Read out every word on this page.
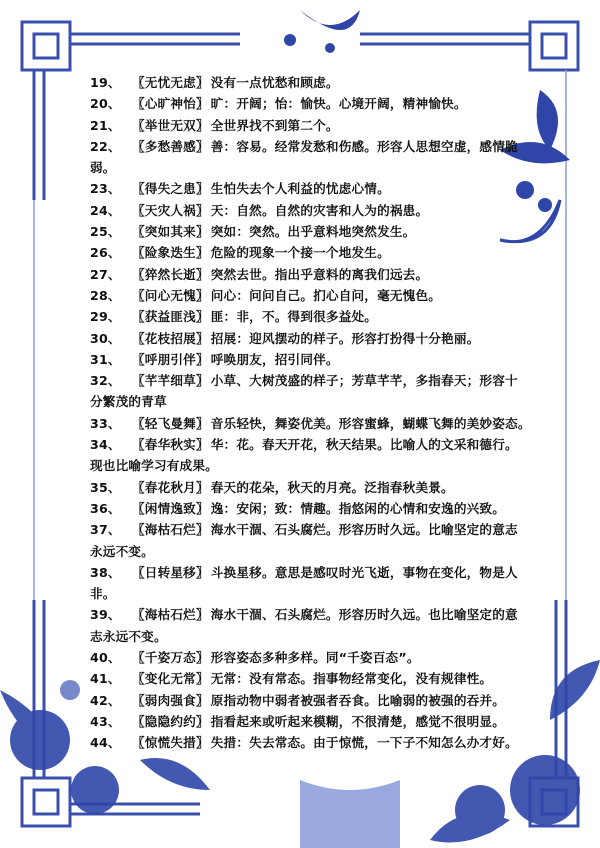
19、 〖无忧无虑〗 没有一点忧愁和顾虑。
20、 〖心旷神怡〗 旷：开阔；怡：愉快。心境开阔，精神愉快。
21、 〖举世无双〗 全世界找不到第二个。
22、 〖多愁善感〗 善：容易。经常发愁和伤感。形容人思想空虚，感情脆
弱。
23、 〖得失之患〗 生怕失去个人利益的忧虑心情。
24、 〖天灾人祸〗 天：自然。自然的灾害和人为的祸患。
25、 〖突如其来〗 突如：突然。出乎意料地突然发生。
26、 〖险象迭生〗 危险的现象一个接一个地发生。
27、 〖猝然长逝〗 突然去世。指出乎意料的离我们远去。
28、 〖问心无愧〗 问心：问问自己。扪心自问，毫无愧色。
29、 〖获益匪浅〗 匪：非，不。得到很多益处。
30、 〖花枝招展〗 招展：迎风摆动的样子。形容打扮得十分艳丽。
31、 〖呼朋引伴〗 呼唤朋友，招引同伴。
32、 〖芊芊细草〗 小草、大树茂盛的样子；芳草芊芊，多指春天；形容十
分繁茂的青草
33、 〖轻飞曼舞〗 音乐轻快，舞姿优美。形容蜜蜂，蝴蝶飞舞的美妙姿态。
34、 〖春华秋实〗 华：花。春天开花，秋天结果。比喻人的文采和德行。
现也比喻学习有成果。
35、 〖春花秋月〗 春天的花朵，秋天的月亮。泛指春秋美景。
36、 〖闲情逸致〗 逸：安闲；致：情趣。指悠闲的心情和安逸的兴致。
37、 〖海枯石烂〗 海水干涸、石头腐烂。形容历时久远。比喻坚定的意志
永远不变。
38、 〖日转星移〗 斗换星移。意思是感叹时光飞逝，事物在变化，物是人
非。
39、 〖海枯石烂〗 海水干涸、石头腐烂。形容历时久远。也比喻坚定的意
志永远不变。
40、 〖千姿万态〗 形容姿态多种多样。同“千姿百态”。
41、 〖变化无常〗 无常：没有常态。指事物经常变化，没有规律性。
42、 〖弱肉强食〗 原指动物中弱者被强者吞食。比喻弱的被强的吞并。
43、 〖隐隐约约〗 指看起来或听起来模糊，不很清楚，感觉不很明显。
44、 〖惊慌失措〗 失措：失去常态。由于惊慌，一下子不知怎么办才好。
